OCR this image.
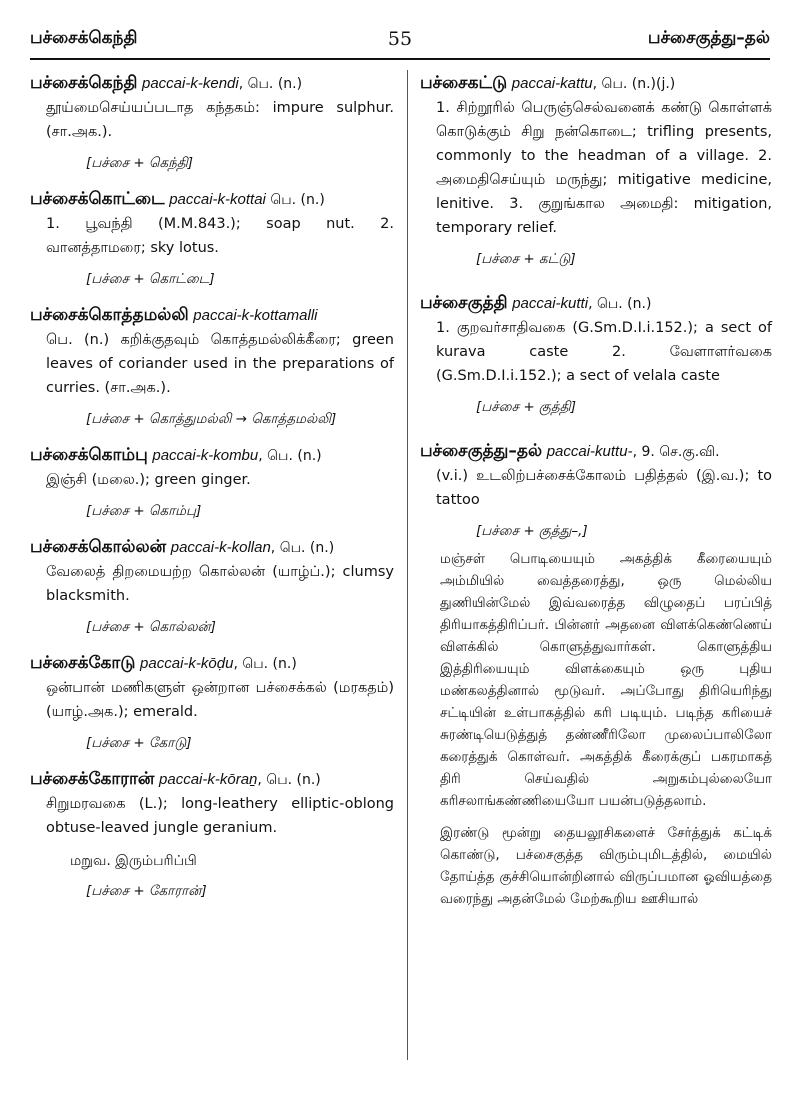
பச்சைக்கெந்தி	55	பச்சைகுத்து–தல்
பச்சைக்கெந்தி paccai-k-kendi, பெ. (n.)
தூய்மைசெய்யப்படாத கந்தகம்: impure sulphur. (சா.அக.).
[பச்சை + கெந்தி]
பச்சைக்கொட்டை paccai-k-kottai பெ. (n.)
1. பூவந்தி (M.M.843.); soap nut. 2. வானத்தாமரை; sky lotus.
[பச்சை + கொட்டை]
பச்சைக்கொத்தமல்லி paccai-k-kottamalli
பெ. (n.) கறிக்குதவும் கொத்தமல்லிக்கீரை; green leaves of coriander used in the preparations of curries. (சா.அக.).
[பச்சை + கொத்துமல்லி → கொத்தமல்லி]
பச்சைக்கொம்பு paccai-k-kombu, பெ. (n.)
இஞ்சி (மலை.); green ginger.
[பச்சை + கொம்பு]
பச்சைக்கொல்லன் paccai-k-kollan, பெ. (n.)
வேலைத் திறமையற்ற கொல்லன் (யாழ்ப்.); clumsy blacksmith.
[பச்சை + கொல்லன்]
பச்சைக்கோடு paccai-k-kōḍu, பெ. (n.)
ஒன்பான் மணிகளுள் ஒன்றான பச்சைக்கல் (மரகதம்) (யாழ்.அக.); emerald.
[பச்சை + கோடு]
பச்சைக்கோரான் paccai-k-kōraṉ, பெ. (n.)
சிறுமரவகை (L.); long-leathery elliptic-oblong obtuse-leaved jungle geranium.
மறுவ. இரும்பரிப்பி
[பச்சை + கோரான்]
பச்சைகட்டு paccai-kattu, பெ. (n.)(j.)
1. சிற்றூரில் பெருஞ்செல்வனைக் கண்டு கொள்ளக் கொடுக்கும் சிறு நன்கொடை; trifling presents, commonly to the headman of a village. 2. அமைதிசெய்யும் மருந்து; mitigative medicine, lenitive. 3. குறுங்கால அமைதி: mitigation, temporary relief.
[பச்சை + கட்டு]
பச்சைகுத்தி paccai-kutti, பெ. (n.)
1. குறவர்சாதிவகை (G.Sm.D.I.i.152.); a sect of kurava caste 2. வேளாளர்வகை (G.Sm.D.I.i.152.); a sect of velala caste
[பச்சை + குத்தி]
பச்சைகுத்து–தல் paccai-kuttu-, 9. செ.கு.வி.
(v.i.) உடலிற்பச்சைக்கோலம் பதித்தல் (இ.வ.); to tattoo
[பச்சை + குத்து–,]
மஞ்சள் பொடியையும் அகத்திக் கீரையையும் அம்மியில் வைத்தரைத்து, ஒரு மெல்லிய துணியின்மேல் இவ்வரைத்த விழுதைப் பரப்பித் திரியாகத்திரிப்பர். பின்னர் அதனை விளக்கெண்ணெய் விளக்கில் கொளுத்துவார்கள். கொளுத்திய இத்திரியையும் விளக்கையும் ஒரு புதிய மண்கலத்தினால் மூடுவர். அப்போது திரியெரிந்து சட்டியின் உள்பாகத்தில் கரி படியும். படிந்த கரியைச் சுரண்டியெடுத்துத் தண்ணீரிலோ முலைப்பாலிலோ கரைத்துக் கொள்வர். அகத்திக் கீரைக்குப் பகரமாகத் திரி செய்வதில் அறுகம்புல்லையோ கரிசலாங்கண்ணியையோ பயன்படுத்தலாம்.
இரண்டு மூன்று தையலூசிகளைச் சேர்த்துக் கட்டிக் கொண்டு, பச்சைகுத்த விரும்புமிடத்தில், மையில் தோய்த்த குச்சியொன்றினால் விருப்பமான ஓவியத்தை வரைந்து அதன்மேல் மேற்கூறிய ஊசியால்
